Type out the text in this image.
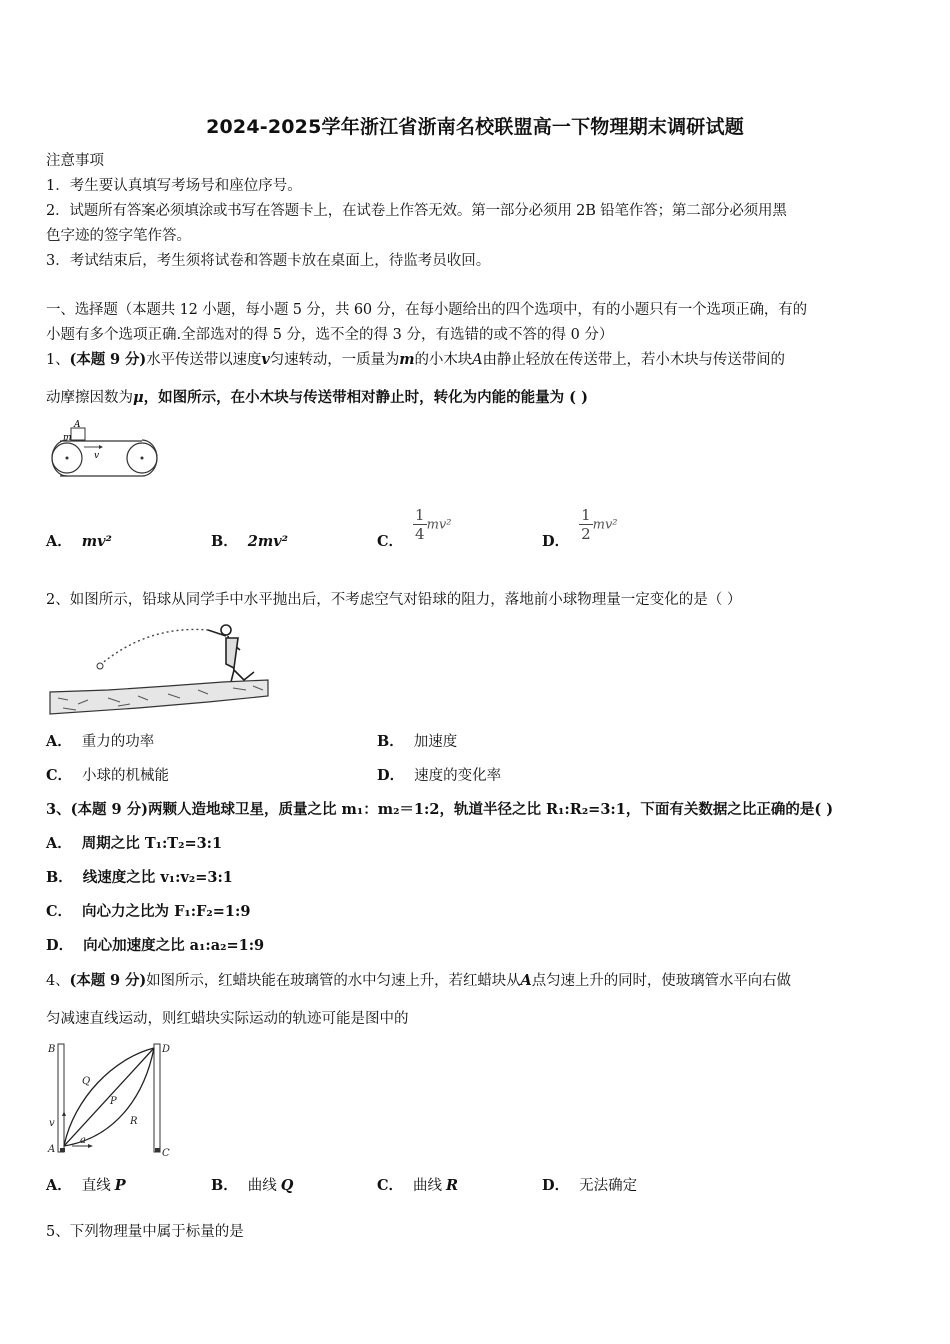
2024-2025学年浙江省浙南名校联盟高一下物理期末调研试题
注意事项
1．考生要认真填写考场号和座位序号。
2．试题所有答案必须填涂或书写在答题卡上，在试卷上作答无效。第一部分必须用 2B 铅笔作答；第二部分必须用黑
色字迹的签字笔作答。
3．考试结束后，考生须将试卷和答题卡放在桌面上，待监考员收回。
一、选择题（本题共 12 小题，每小题 5 分，共 60 分，在每小题给出的四个选项中，有的小题只有一个选项正确，有的
小题有多个选项正确.全部选对的得 5 分，选不全的得 3 分，有选错的或不答的得 0 分）
1、(本题 9 分)水平传送带以速度v匀速转动，一质量为m的小木块A由静止轻放在传送带上，若小木块与传送带间的
动摩擦因数为μ，如图所示，在小木块与传送带相对静止时，转化为内能的能量为 ( )
m
A
v
A． mv²	B． 2mv²	C． $\frac{1}{4} mv^2$
D． $\frac{1}{2} mv^2$
2、如图所示，铅球从同学手中水平抛出后，不考虑空气对铅球的阻力，落地前小球物理量一定变化的是（ ）
A． 重力的功率	B． 加速度
C． 小球的机械能	D． 速度的变化率
3、(本题 9 分)两颗人造地球卫星，质量之比 m₁：m₂＝1:2，轨道半径之比 R₁:R₂=3:1，下面有关数据之比正确的是( )
A． 周期之比 T₁:T₂=3:1
B． 线速度之比 v₁:v₂=3:1
C． 向心力之比为 F₁:F₂=1:9
D． 向心加速度之比 a₁:a₂=1:9
4、(本题 9 分)如图所示，红蜡块能在玻璃管的水中匀速上升，若红蜡块从A点匀速上升的同时，使玻璃管水平向右做
匀减速直线运动，则红蜡块实际运动的轨迹可能是图中的
B	D
Q
P
R
v
A
a
C
A． 直线 P	B． 曲线 Q	C． 曲线 R	D． 无法确定
5、下列物理量中属于标量的是
